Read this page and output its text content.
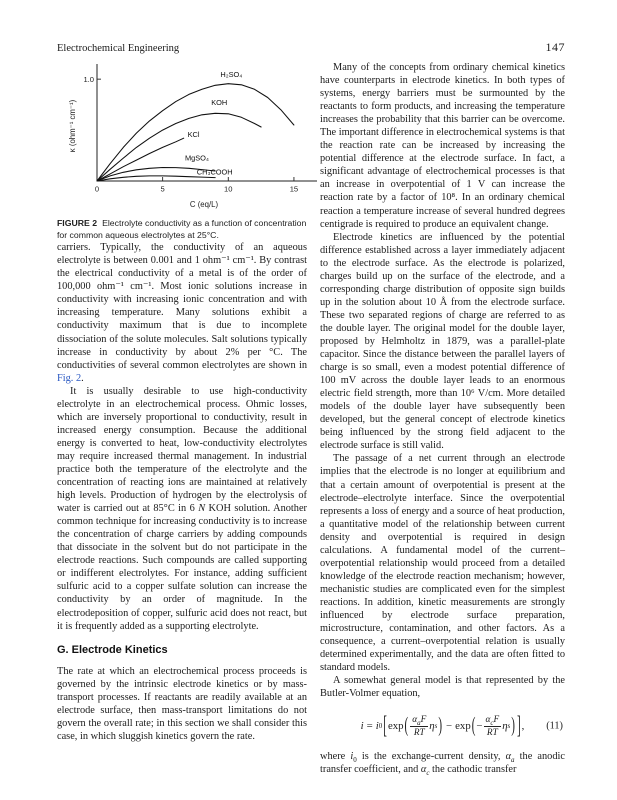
Electrochemical Engineering	147
0	5	10	15
1.0
H₂SO₄
KOH
KCl
MgSO₄
CH₃COOH
C (eq/L)
κ (ohm⁻¹ cm⁻¹)
FIGURE 2 Electrolyte conductivity as a function of concentration for common aqueous electrolytes at 25°C.

carriers. Typically, the conductivity of an aqueous electrolyte is between 0.001 and 1 ohm⁻¹ cm⁻¹. By contrast the electrical conductivity of a metal is of the order of 100,000 ohm⁻¹ cm⁻¹. Most ionic solutions increase in conductivity with increasing ionic concentration and with increasing temperature. Many solutions exhibit a conductivity maximum that is due to incomplete dissociation of the solute molecules. Salt solutions typically increase in conductivity by about 2% per °C. The conductivities of several common electrolytes are shown in Fig. 2.

It is usually desirable to use high-conductivity electrolyte in an electrochemical process. Ohmic losses, which are inversely proportional to conductivity, result in increased energy consumption. Because the additional energy is converted to heat, low-conductivity electrolytes may require increased thermal management. In industrial practice both the temperature of the electrolyte and the concentration of reacting ions are maintained at relatively high levels. Production of hydrogen by the electrolysis of water is carried out at 85°C in 6 N KOH solution. Another common technique for increasing conductivity is to increase the concentration of charge carriers by adding compounds that dissociate in the solvent but do not participate in the electrode reactions. Such compounds are called supporting or indifferent electrolytes. For instance, adding sufficient sulfuric acid to a copper sulfate solution can increase the conductivity by an order of magnitude. In the electrodeposition of copper, sulfuric acid does not react, but it is frequently added as a supporting electrolyte.

G. Electrode Kinetics

The rate at which an electrochemical process proceeds is governed by the intrinsic electrode kinetics or by mass-transport processes. If reactants are readily available at an electrode surface, then mass-transport limitations do not govern the overall rate; in this section we shall consider this case, in which sluggish kinetics govern the rate.

Many of the concepts from ordinary chemical kinetics have counterparts in electrode kinetics. In both types of systems, energy barriers must be surmounted by the reactants to form products, and increasing the temperature increases the probability that this barrier can be overcome. The important difference in electrochemical systems is that the reaction rate can be increased by increasing the potential difference at the electrode surface. In fact, a significant advantage of electrochemical processes is that an increase in overpotential of 1 V can increase the reaction rate by a factor of 10⁸. In an ordinary chemical reaction a temperature increase of several hundred degrees centigrade is required to produce an equivalent change.

Electrode kinetics are influenced by the potential difference established across a layer immediately adjacent to the electrode surface. As the electrode is polarized, charges build up on the surface of the electrode, and a corresponding charge distribution of opposite sign builds up in the solution about 10 Å from the electrode surface. These two separated regions of charge are referred to as the double layer. The original model for the double layer, proposed by Helmholtz in 1879, was a parallel-plate capacitor. Since the distance between the parallel layers of charge is so small, even a modest potential difference of 100 mV across the double layer leads to an enormous electric field strength, more than 10⁶ V/cm. More detailed models of the double layer have subsequently been developed, but the general concept of electrode kinetics being influenced by the strong field adjacent to the electrode surface is still valid.

The passage of a net current through an electrode implies that the electrode is no longer at equilibrium and that a certain amount of overpotential is present at the electrode–electrolyte interface. Since the overpotential represents a loss of energy and a source of heat production, a quantitative model of the relationship between current density and overpotential is required in design calculations. A fundamental model of the current–overpotential relationship would proceed from a detailed knowledge of the electrode reaction mechanism; however, mechanistic studies are complicated even for the simplest reactions. In addition, kinetic measurements are strongly influenced by electrode surface preparation, microstructure, contamination, and other factors. As a consequence, a current–overpotential relation is usually determined experimentally, and the data are often fitted to standard models.

A somewhat general model is that represented by the Butler-Volmer equation,

i = i 0 [ exp ( $\frac{\alpha_aF}{RT}$ η s ) − exp ( − $\frac{\alpha_cF}{RT}$ η s ) ] , (11)

where $i_0$ is the exchange-current density, $\alpha_a$ the anodic transfer coefficient, and $\alpha_c$ the cathodic transfer
